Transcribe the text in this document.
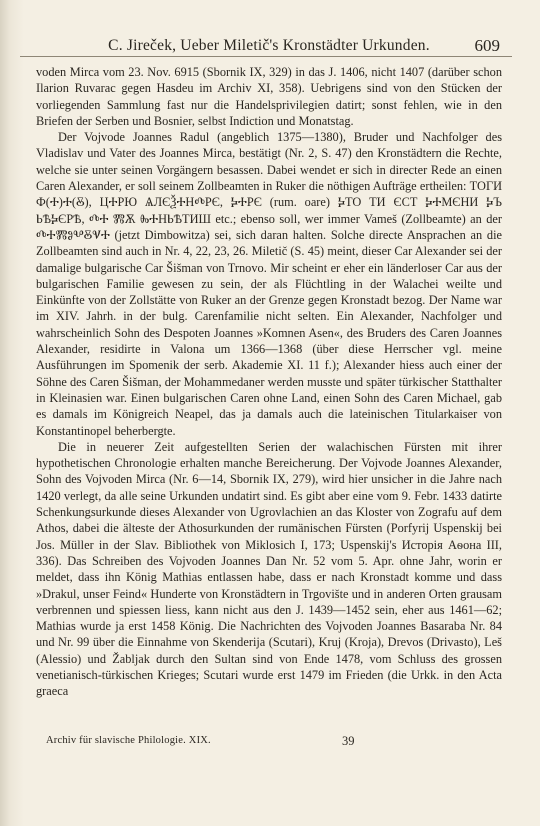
C. Jireček, Ueber Miletič's Kronstädter Urkunden.	609

voden Mirca vom 23. Nov. 6915 (Sbornik IX, 329) in das J. 1406, nicht 1407 (darüber schon Ilarion Ruvarac gegen Hasdeu im Archiv XI, 358). Uebrigens sind von den Stücken der vorliegenden Sammlung fast nur die Handelsprivilegien datirt; sonst fehlen, wie in den Briefen der Serben und Bosnier, selbst Indiction und Monatstag.

Der Vojvode Joannes Radul (angeblich 1375—1380), Bruder und Nachfolger des Vladislav und Vater des Joannes Mirca, bestätigt (Nr. 2, S. 47) den Kronstädtern die Rechte, welche sie unter seinen Vorgängern besassen. Dabei wendet er sich in directer Rede an einen Caren Alexander, er soll seinem Zollbeamten in Ruker die nöthigen Aufträge ertheilen: ТОГИ Ф(Ⰰ)Ⰰ(Ⰻ), ЦⰀРЮ ѦЛЄѮⰀНⰄРЄ, ⰍⰀРЄ (rum. oare) ⰍТО ТИ ЄСТ ⰍⰀМЄНИ ⰍЪ ⰓѢⰍЄРѢ, ⰄⰀ ⰏѪ ⰈⰀНⰓѢТИШ etc.; ebenso soll, wer immer Vameš (Zollbeamte) an der ⰄⰀⰏⰑⰂⰋⰜⰀ (jetzt Dimbowitza) sei, sich daran halten. Solche directe Ansprachen an die Zollbeamten sind auch in Nr. 4, 22, 23, 26. Miletič (S. 45) meint, dieser Car Alexander sei der damalige bulgarische Car Šišman von Trnovo. Mir scheint er eher ein länderloser Car aus der bulgarischen Familie gewesen zu sein, der als Flüchtling in der Walachei weilte und Einkünfte von der Zollstätte von Ruker an der Grenze gegen Kronstadt bezog. Der Name war im XIV. Jahrh. in der bulg. Carenfamilie nicht selten. Ein Alexander, Nachfolger und wahrscheinlich Sohn des Despoten Joannes »Komnen Asen«, des Bruders des Caren Joannes Alexander, residirte in Valona um 1366—1368 (über diese Herrscher vgl. meine Ausführungen im Spomenik der serb. Akademie XI. 11 f.); Alexander hiess auch einer der Söhne des Caren Šišman, der Mohammedaner werden musste und später türkischer Statthalter in Kleinasien war. Einen bulgarischen Caren ohne Land, einen Sohn des Caren Michael, gab es damals im Königreich Neapel, das ja damals auch die lateinischen Titularkaiser von Konstantinopel beherbergte.

Die in neuerer Zeit aufgestellten Serien der walachischen Fürsten mit ihrer hypothetischen Chronologie erhalten manche Bereicherung. Der Vojvode Joannes Alexander, Sohn des Vojvoden Mirca (Nr. 6—14, Sbornik IX, 279), wird hier unsicher in die Jahre nach 1420 verlegt, da alle seine Urkunden undatirt sind. Es gibt aber eine vom 9. Febr. 1433 datirte Schenkungsurkunde dieses Alexander von Ugrovlachien an das Kloster von Zografu auf dem Athos, dabei die älteste der Athosurkunden der rumänischen Fürsten (Porfyrij Uspenskij bei Jos. Müller in der Slav. Bibliothek von Miklosich I, 173; Uspenskij's Исторія Аѳона III, 336). Das Schreiben des Vojvoden Joannes Dan Nr. 52 vom 5. Apr. ohne Jahr, worin er meldet, dass ihn König Mathias entlassen habe, dass er nach Kronstadt komme und dass »Drakul, unser Feind« Hunderte von Kronstädtern in Trgovište und in anderen Orten grausam verbrennen und spiessen liess, kann nicht aus den J. 1439—1452 sein, eher aus 1461—62; Mathias wurde ja erst 1458 König. Die Nachrichten des Vojvoden Joannes Basaraba Nr. 84 und Nr. 99 über die Einnahme von Skenderija (Scutari), Kruj (Kroja), Drevos (Drivasto), Leš (Alessio) und Žabljak durch den Sultan sind von Ende 1478, vom Schluss des grossen venetianisch-türkischen Krieges; Scutari wurde erst 1479 im Frieden (die Urkk. in den Acta graeca

Archiv für slavische Philologie. XIX.	39
